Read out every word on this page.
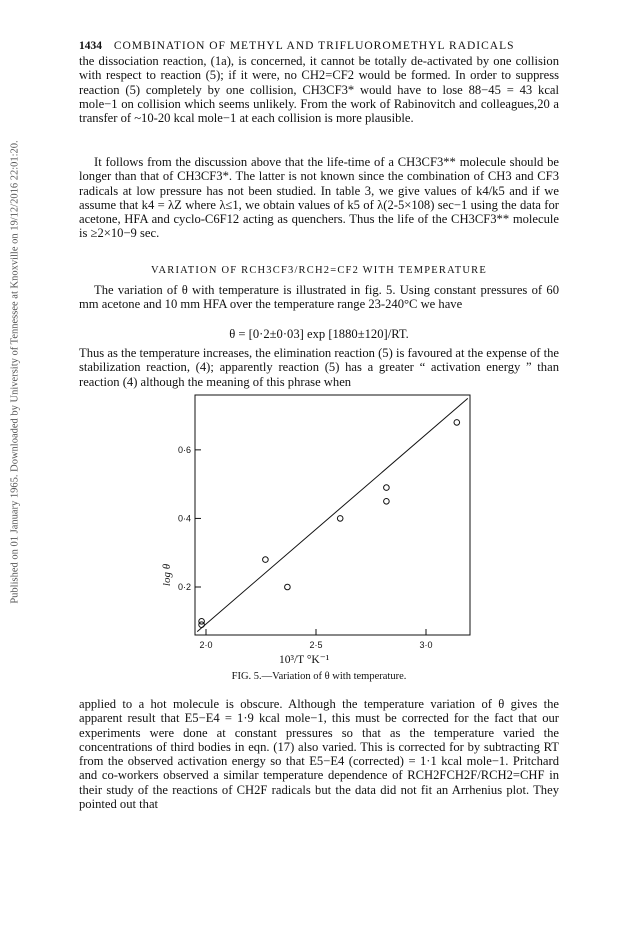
Published on 01 January 1965. Downloaded by University of Tennessee at Knoxville on 19/12/2016 22:01:20.
1434 COMBINATION OF METHYL AND TRIFLUOROMETHYL RADICALS

the dissociation reaction, (1a), is concerned, it cannot be totally de-activated by one collision with respect to reaction (5); if it were, no CH2=CF2 would be formed. In order to suppress reaction (5) completely by one collision, CH3CF3* would have to lose 88−45 = 43 kcal mole−1 on collision which seems unlikely. From the work of Rabinovitch and colleagues,20 a transfer of ~10-20 kcal mole−1 at each collision is more plausible.

It follows from the discussion above that the life-time of a CH3CF3** molecule should be longer than that of CH3CF3*. The latter is not known since the combination of CH3 and CF3 radicals at low pressure has not been studied. In table 3, we give values of k4/k5 and if we assume that k4 = λZ where λ≤1, we obtain values of k5 of λ(2-5×108) sec−1 using the data for acetone, HFA and cyclo-C6F12 acting as quenchers. Thus the life of the CH3CF3** molecule is ≥2×10−9 sec.

VARIATION OF RCH3CF3/RCH2=CF2 WITH TEMPERATURE

The variation of θ with temperature is illustrated in fig. 5. Using constant pressures of 60 mm acetone and 10 mm HFA over the temperature range 23-240°C we have

θ = [0·2±0·03] exp [1880±120]/RT.

Thus as the temperature increases, the elimination reaction (5) is favoured at the expense of the stabilization reaction, (4); apparently reaction (5) has a greater “ activation energy ” than reaction (4) although the meaning of this phrase when

2·0	2·5	3·0
0·2
0·4
0·6
log θ
10³/T °K⁻¹
FIG. 5.—Variation of θ with temperature.

applied to a hot molecule is obscure. Although the temperature variation of θ gives the apparent result that E5−E4 = 1·9 kcal mole−1, this must be corrected for the fact that our experiments were done at constant pressures so that as the temperature varied the concentrations of third bodies in eqn. (17) also varied. This is corrected for by subtracting RT from the observed activation energy so that E5−E4 (corrected) = 1·1 kcal mole−1. Pritchard and co-workers observed a similar temperature dependence of RCH2FCH2F/RCH2=CHF in their study of the reactions of CH2F radicals but the data did not fit an Arrhenius plot. They pointed out that
